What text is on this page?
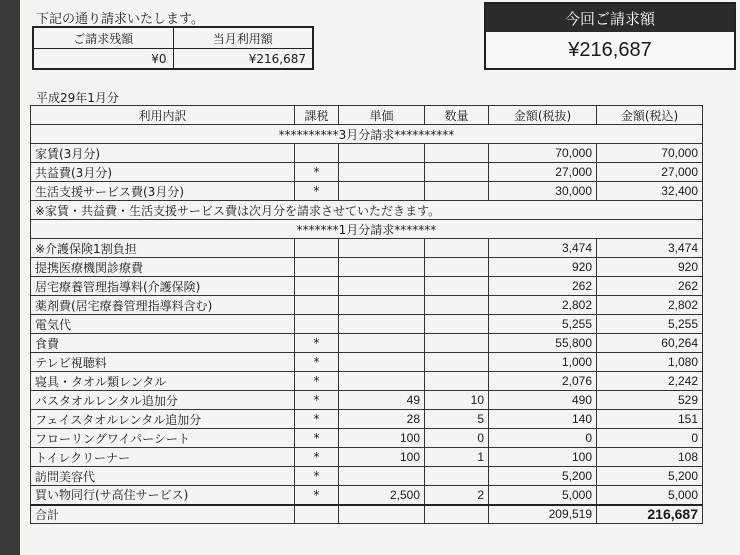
下記の通り請求いたします。
ご請求残額	当月利用額
¥0	¥216,687
今回ご請求額
¥216,687
平成29年1月分
利用内訳	課税	単価	数量	金額(税抜)	金額(税込)
**********3月分請求**********					
家賃(3月分)				70,000	70,000
共益費(3月分)	*			27,000	27,000
生活支援サービス費(3月分)	*			30,000	32,400
※家賃・共益費・生活支援サービス費は次月分を請求させていただきます。					
*******1月分請求*******					
※介護保険1割負担				3,474	3,474
提携医療機関診療費				920	920
居宅療養管理指導料(介護保険)				262	262
薬剤費(居宅療養管理指導料含む)				2,802	2,802
電気代				5,255	5,255
食費	*			55,800	60,264
テレビ視聴料	*			1,000	1,080
寝具・タオル類レンタル	*			2,076	2,242
バスタオルレンタル追加分	*	49	10	490	529
フェイスタオルレンタル追加分	*	28	5	140	151
フローリングワイパーシート	*	100	0	0	0
トイレクリーナー	*	100	1	100	108
訪問美容代	*			5,200	5,200
買い物同行(サ高住サービス)	*	2,500	2	5,000	5,000
合計				209,519	216,687
